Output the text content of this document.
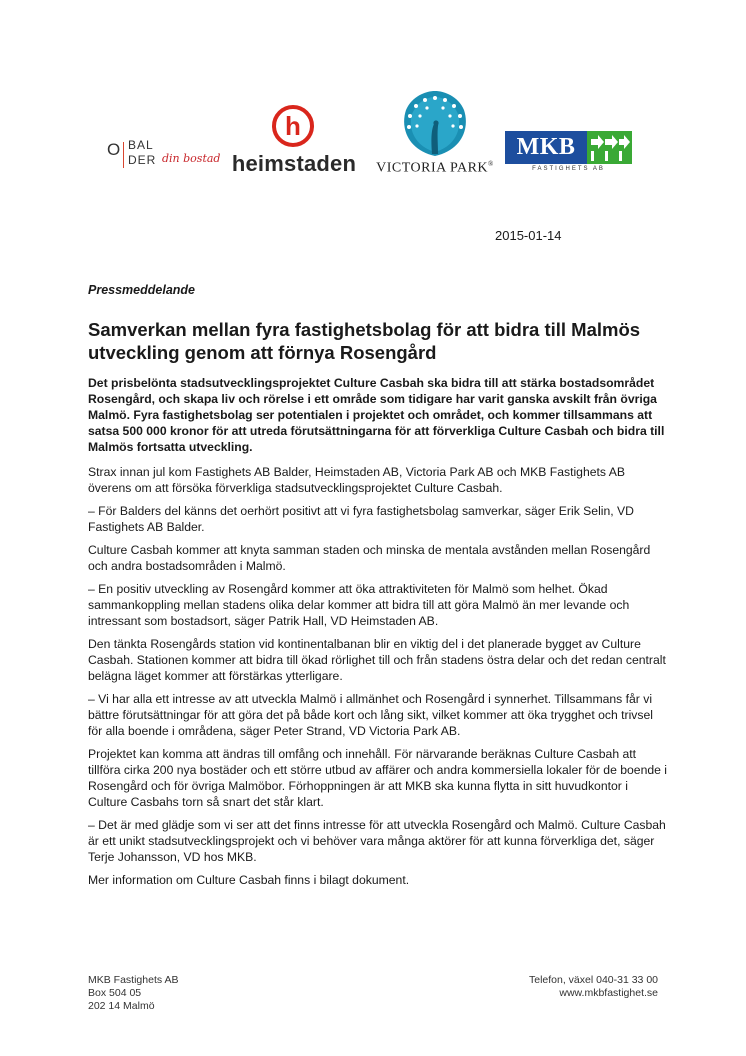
O BAL
DER din bostad
h
heimstaden	VICTORIA PARK®
MKB
FASTIGHETS AB
2015-01-14
Pressmeddelande
Samverkan mellan fyra fastighetsbolag för att bidra till Malmös utveckling genom att förnya Rosengård

Det prisbelönta stadsutvecklingsprojektet Culture Casbah ska bidra till att stärka bostadsområdet Rosengård, och skapa liv och rörelse i ett område som tidigare har varit ganska avskilt från övriga Malmö. Fyra fastighetsbolag ser potentialen i projektet och området, och kommer tillsammans att satsa 500 000 kronor för att utreda förutsättningarna för att förverkliga Culture Casbah och bidra till Malmös fortsatta utveckling.

Strax innan jul kom Fastighets AB Balder, Heimstaden AB, Victoria Park AB och MKB Fastighets AB överens om att försöka förverkliga stadsutvecklingsprojektet Culture Casbah.

– För Balders del känns det oerhört positivt att vi fyra fastighetsbolag samverkar, säger Erik Selin, VD Fastighets AB Balder.

Culture Casbah kommer att knyta samman staden och minska de mentala avstånden mellan Rosengård och andra bostadsområden i Malmö.

– En positiv utveckling av Rosengård kommer att öka attraktiviteten för Malmö som helhet. Ökad sammankoppling mellan stadens olika delar kommer att bidra till att göra Malmö än mer levande och intressant som bostadsort, säger Patrik Hall, VD Heimstaden AB.

Den tänkta Rosengårds station vid kontinentalbanan blir en viktig del i det planerade bygget av Culture Casbah. Stationen kommer att bidra till ökad rörlighet till och från stadens östra delar och det redan centralt belägna läget kommer att förstärkas ytterligare.

– Vi har alla ett intresse av att utveckla Malmö i allmänhet och Rosengård i synnerhet. Tillsammans får vi bättre förutsättningar för att göra det på både kort och lång sikt, vilket kommer att öka trygghet och trivsel för alla boende i områdena, säger Peter Strand, VD Victoria Park AB.

Projektet kan komma att ändras till omfång och innehåll. För närvarande beräknas Culture Casbah att tillföra cirka 200 nya bostäder och ett större utbud av affärer och andra kommersiella lokaler för de boende i Rosengård och för övriga Malmöbor. Förhoppningen är att MKB ska kunna flytta in sitt huvudkontor i Culture Casbahs torn så snart det står klart.

– Det är med glädje som vi ser att det finns intresse för att utveckla Rosengård och Malmö. Culture Casbah är ett unikt stadsutvecklingsprojekt och vi behöver vara många aktörer för att kunna förverkliga det, säger Terje Johansson, VD hos MKB.

Mer information om Culture Casbah finns i bilagt dokument.

MKB Fastighets AB
Box 504 05
202 14 Malmö
Telefon, växel 040-31 33 00
www.mkbfastighet.se
